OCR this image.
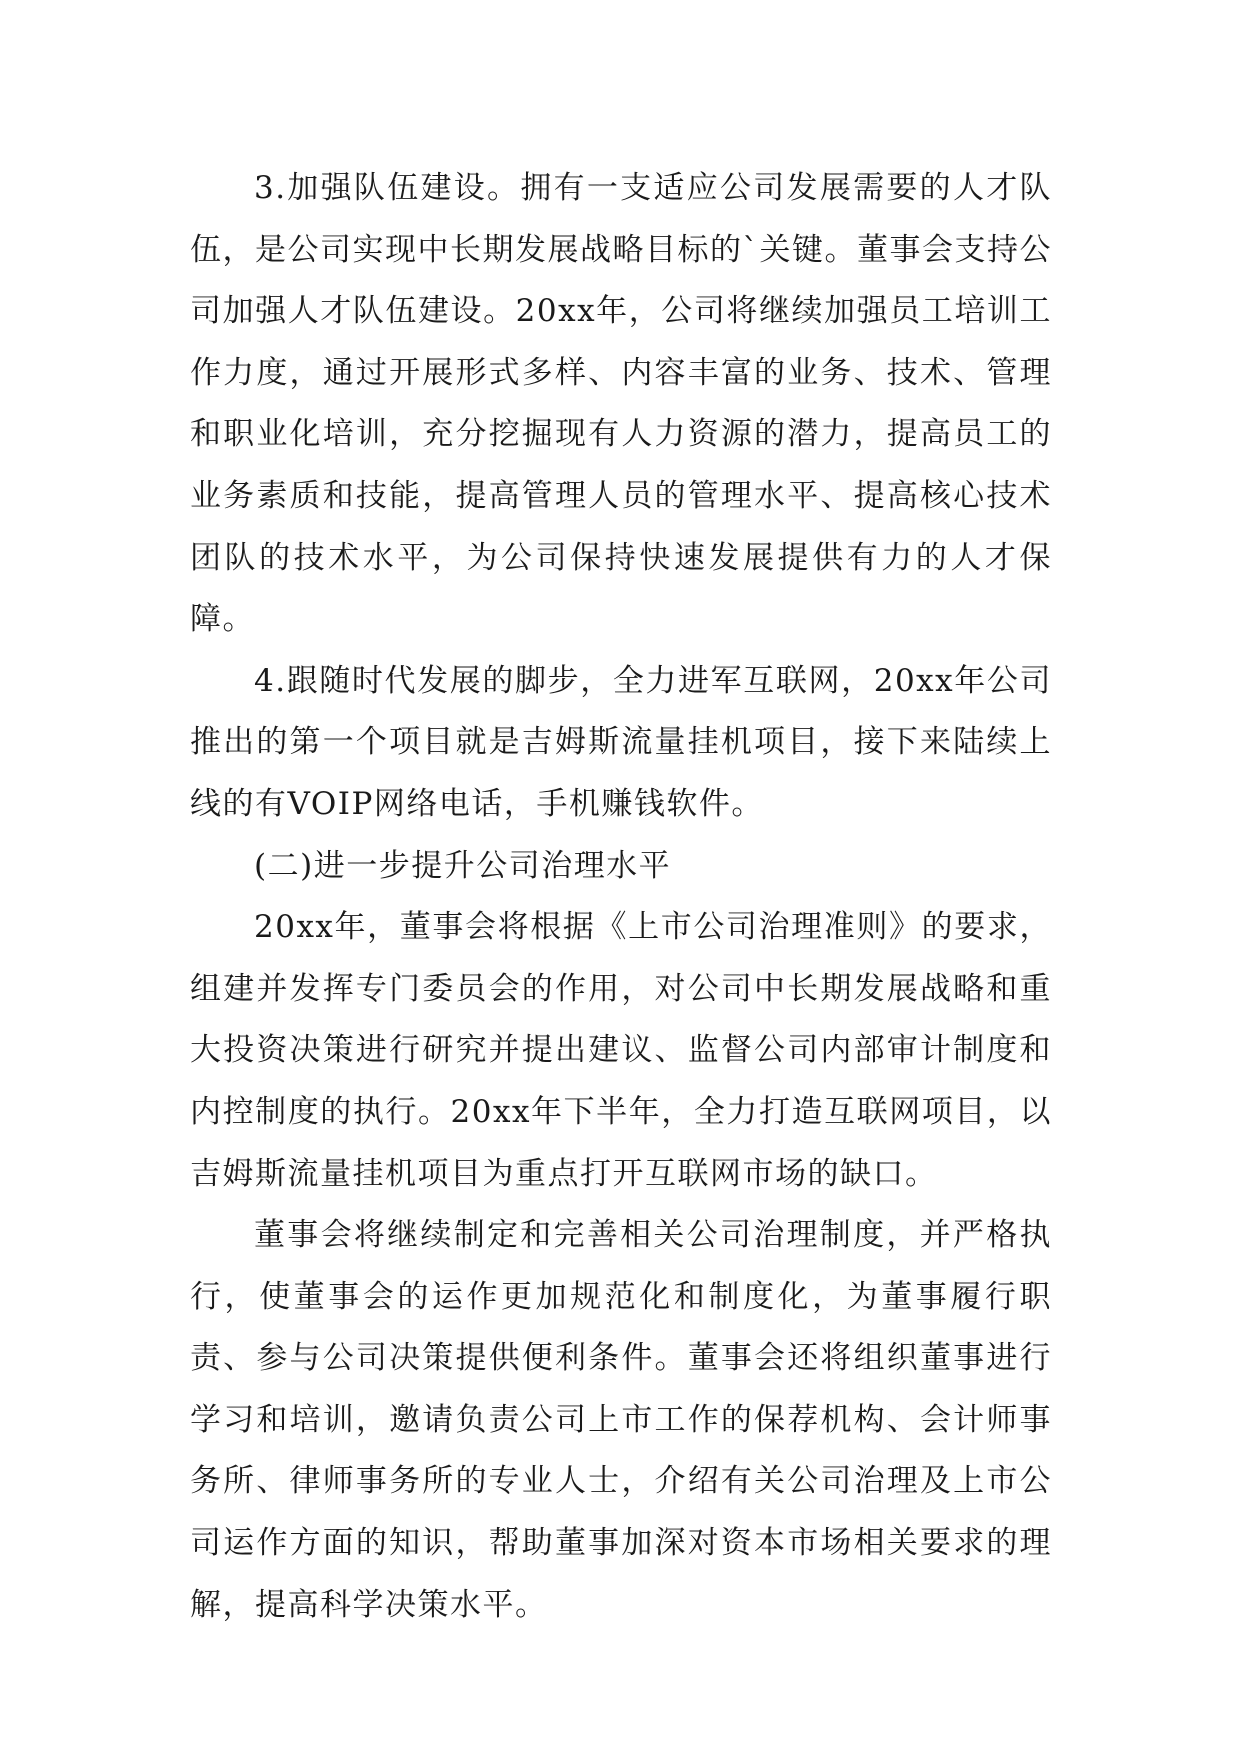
3.加强队伍建设。拥有一支适应公司发展需要的人才队伍，是公司实现中长期发展战略目标的`关键。董事会支持公司加强人才队伍建设。20xx年，公司将继续加强员工培训工作力度，通过开展形式多样、内容丰富的业务、技术、管理和职业化培训，充分挖掘现有人力资源的潜力，提高员工的业务素质和技能，提高管理人员的管理水平、提高核心技术团队的技术水平，为公司保持快速发展提供有力的人才保障。

4.跟随时代发展的脚步，全力进军互联网，20xx年公司推出的第一个项目就是吉姆斯流量挂机项目，接下来陆续上线的有VOIP网络电话，手机赚钱软件。

(二)进一步提升公司治理水平

20xx年，董事会将根据《上市公司治理准则》的要求，组建并发挥专门委员会的作用，对公司中长期发展战略和重大投资决策进行研究并提出建议、监督公司内部审计制度和内控制度的执行。20xx年下半年，全力打造互联网项目，以吉姆斯流量挂机项目为重点打开互联网市场的缺口。

董事会将继续制定和完善相关公司治理制度，并严格执行，使董事会的运作更加规范化和制度化，为董事履行职责、参与公司决策提供便利条件。董事会还将组织董事进行学习和培训，邀请负责公司上市工作的保荐机构、会计师事务所、律师事务所的专业人士，介绍有关公司治理及上市公司运作方面的知识，帮助董事加深对资本市场相关要求的理解，提高科学决策水平。
